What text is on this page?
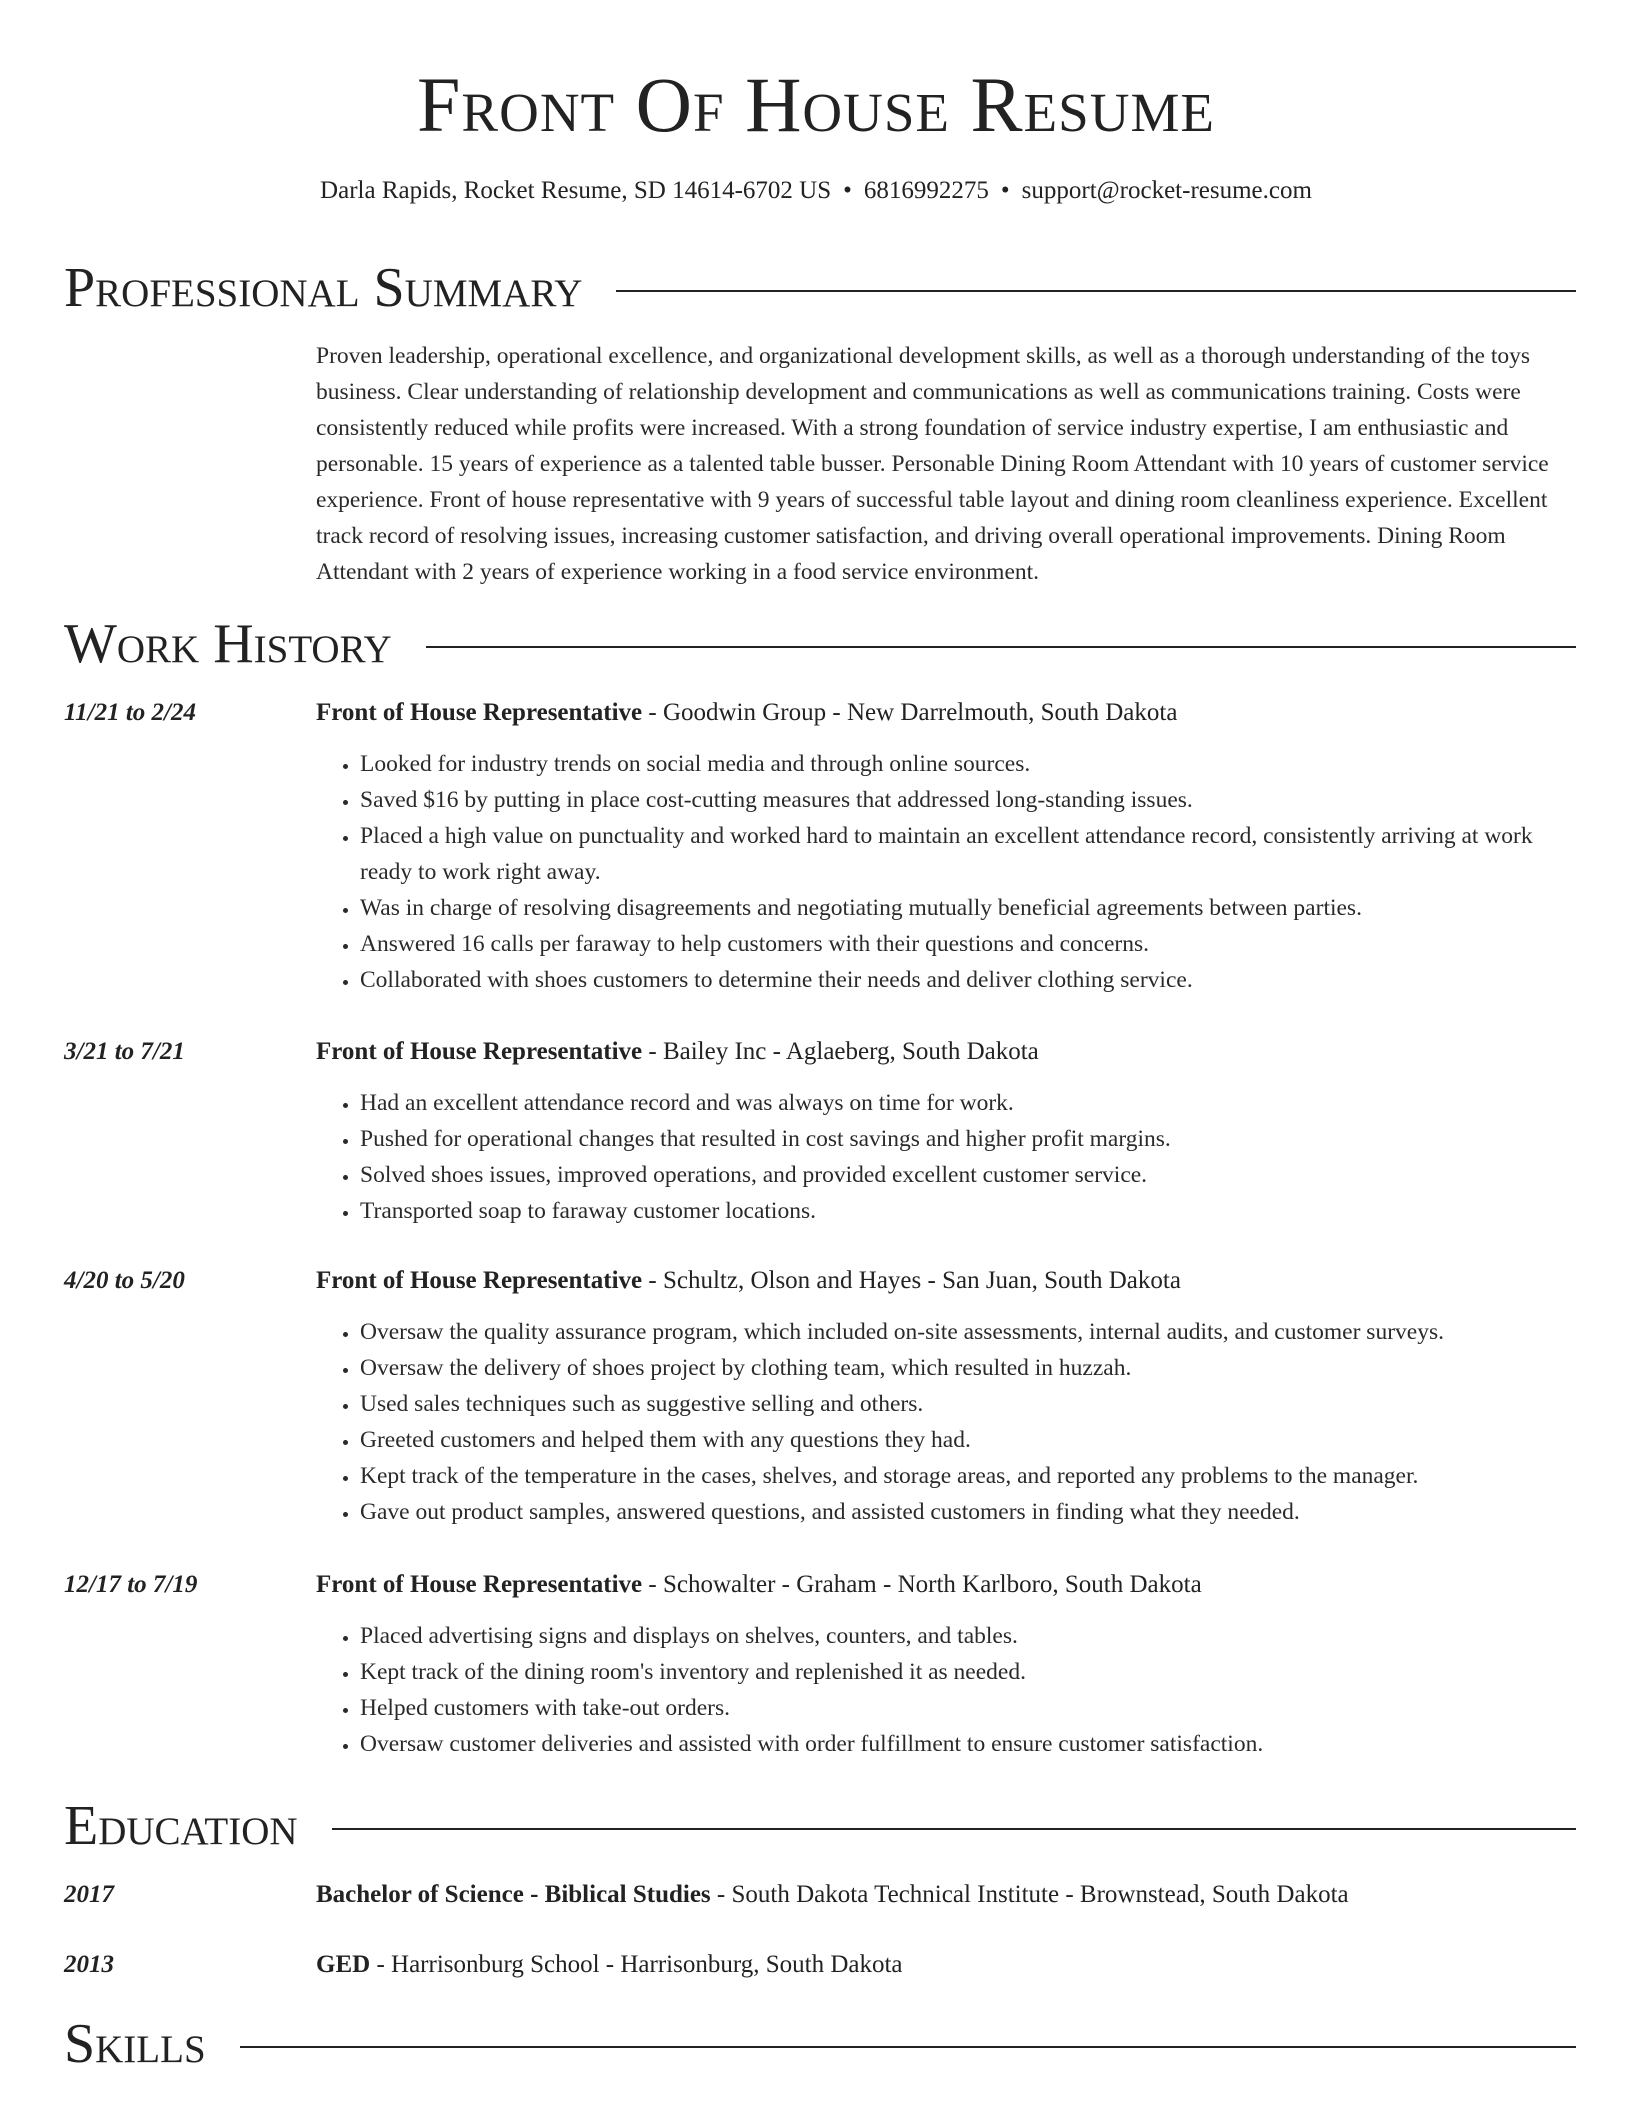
Front Of House Resume
Darla Rapids, Rocket Resume, SD 14614-6702 US • 6816992275 • support@rocket-resume.com
Professional Summary
Proven leadership, operational excellence, and organizational development skills, as well as a thorough understanding of the toys business. Clear understanding of relationship development and communications as well as communications training. Costs were consistently reduced while profits were increased. With a strong foundation of service industry expertise, I am enthusiastic and personable. 15 years of experience as a talented table busser. Personable Dining Room Attendant with 10 years of customer service experience. Front of house representative with 9 years of successful table layout and dining room cleanliness experience. Excellent track record of resolving issues, increasing customer satisfaction, and driving overall operational improvements. Dining Room Attendant with 2 years of experience working in a food service environment.
Work History
11/21 to 2/24	Front of House Representative - Goodwin Group - New Darrelmouth, South Dakota
• Looked for industry trends on social media and through online sources.
• Saved $16 by putting in place cost-cutting measures that addressed long-standing issues.
• Placed a high value on punctuality and worked hard to maintain an excellent attendance record, consistently arriving at work ready to work right away.
• Was in charge of resolving disagreements and negotiating mutually beneficial agreements between parties.
• Answered 16 calls per faraway to help customers with their questions and concerns.
• Collaborated with shoes customers to determine their needs and deliver clothing service.
3/21 to 7/21	Front of House Representative - Bailey Inc - Aglaeberg, South Dakota
• Had an excellent attendance record and was always on time for work.
• Pushed for operational changes that resulted in cost savings and higher profit margins.
• Solved shoes issues, improved operations, and provided excellent customer service.
• Transported soap to faraway customer locations.
4/20 to 5/20	Front of House Representative - Schultz, Olson and Hayes - San Juan, South Dakota
• Oversaw the quality assurance program, which included on-site assessments, internal audits, and customer surveys.
• Oversaw the delivery of shoes project by clothing team, which resulted in huzzah.
• Used sales techniques such as suggestive selling and others.
• Greeted customers and helped them with any questions they had.
• Kept track of the temperature in the cases, shelves, and storage areas, and reported any problems to the manager.
• Gave out product samples, answered questions, and assisted customers in finding what they needed.
12/17 to 7/19	Front of House Representative - Schowalter - Graham - North Karlboro, South Dakota
• Placed advertising signs and displays on shelves, counters, and tables.
• Kept track of the dining room's inventory and replenished it as needed.
• Helped customers with take-out orders.
• Oversaw customer deliveries and assisted with order fulfillment to ensure customer satisfaction.
Education
2017	Bachelor of Science - Biblical Studies - South Dakota Technical Institute - Brownstead, South Dakota
2013	GED - Harrisonburg School - Harrisonburg, South Dakota
Skills
